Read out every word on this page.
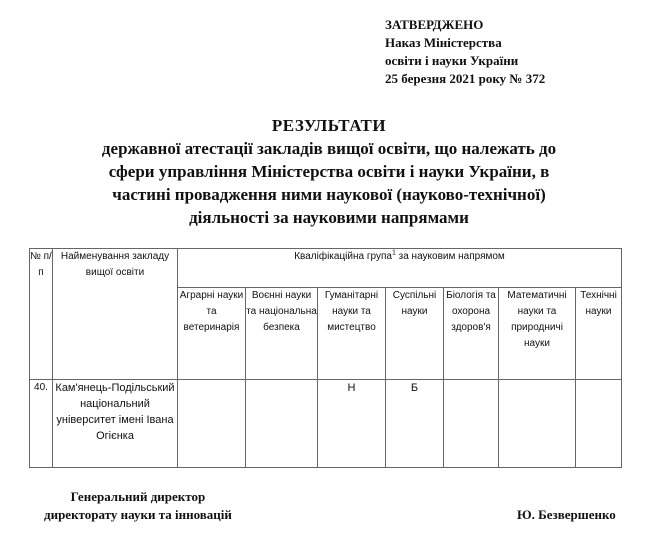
ЗАТВЕРДЖЕНО
Наказ Міністерства
освіти і науки України
25 березня 2021 року № 372
РЕЗУЛЬТАТИ
державної атестації закладів вищої освіти, що належать до
сфери управління Міністерства освіти і науки України, в
частині провадження ними наукової (науково-технічної)
діяльності за науковими напрямами
№ п/п	Найменування закладу вищої освіти	Кваліфікаційна група$^1$ за науковим напрямом						
		Аграрні науки та ветеринарія	Воєнні науки та національна безпека	Гуманітарні науки та мистецтво	Суспільні науки	Біологія та охорона здоров'я	Математичні науки та природничі науки	Технічні науки
40.	Кам'янець-Подільський національний університет імені Івана Огієнка			Н	Б			
Генеральний директор
директорату науки та інновацій	Ю. Безвершенко
